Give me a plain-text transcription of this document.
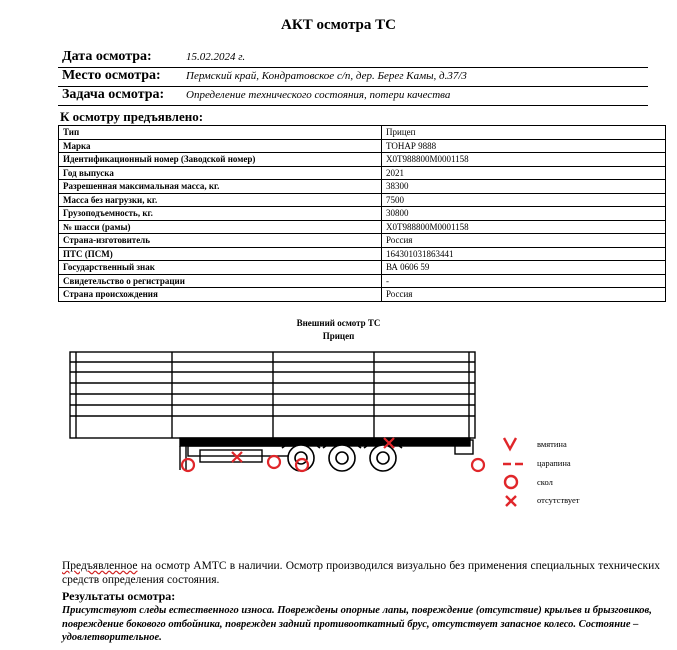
АКТ осмотра ТС
Дата осмотра:	15.02.2024 г.
Место осмотра: Пермский край, Кондратовское с/п, дер. Берег Камы, д.37/3
Задача осмотра: Определение технического состояния, потери качества
К осмотру предъявлено:
Тип	Прицеп
Марка	ТОНАР 9888
Идентификационный номер (Заводской номер)	X0T988800M0001158
Год выпуска	2021
Разрешенная максимальная масса, кг.	38300
Масса без нагрузки, кг.	7500
Грузоподъемность, кг.	30800
№ шасси (рамы)	X0T988800M0001158
Страна-изготовитель	Россия
ПТС (ПСМ)	164301031863441
Государственный знак	ВА 0606 59
Свидетельство о регистрации	-
Страна происхождения	Россия
Внешний осмотр ТС
Прицеп
вмятина
царапина
скол
отсутствует
Предъявленное на осмотр АМТС в наличии. Осмотр производился визуально без применения специальных технических средств определения состояния.
Результаты осмотра:
Присутствуют следы естественного износа. Повреждены опорные лапы, повреждение (отсутствие) крыльев и брызговиков, повреждение бокового отбойника, поврежден задний противооткатный брус, отсутствует запасное колесо. Состояние – удовлетворительное.
